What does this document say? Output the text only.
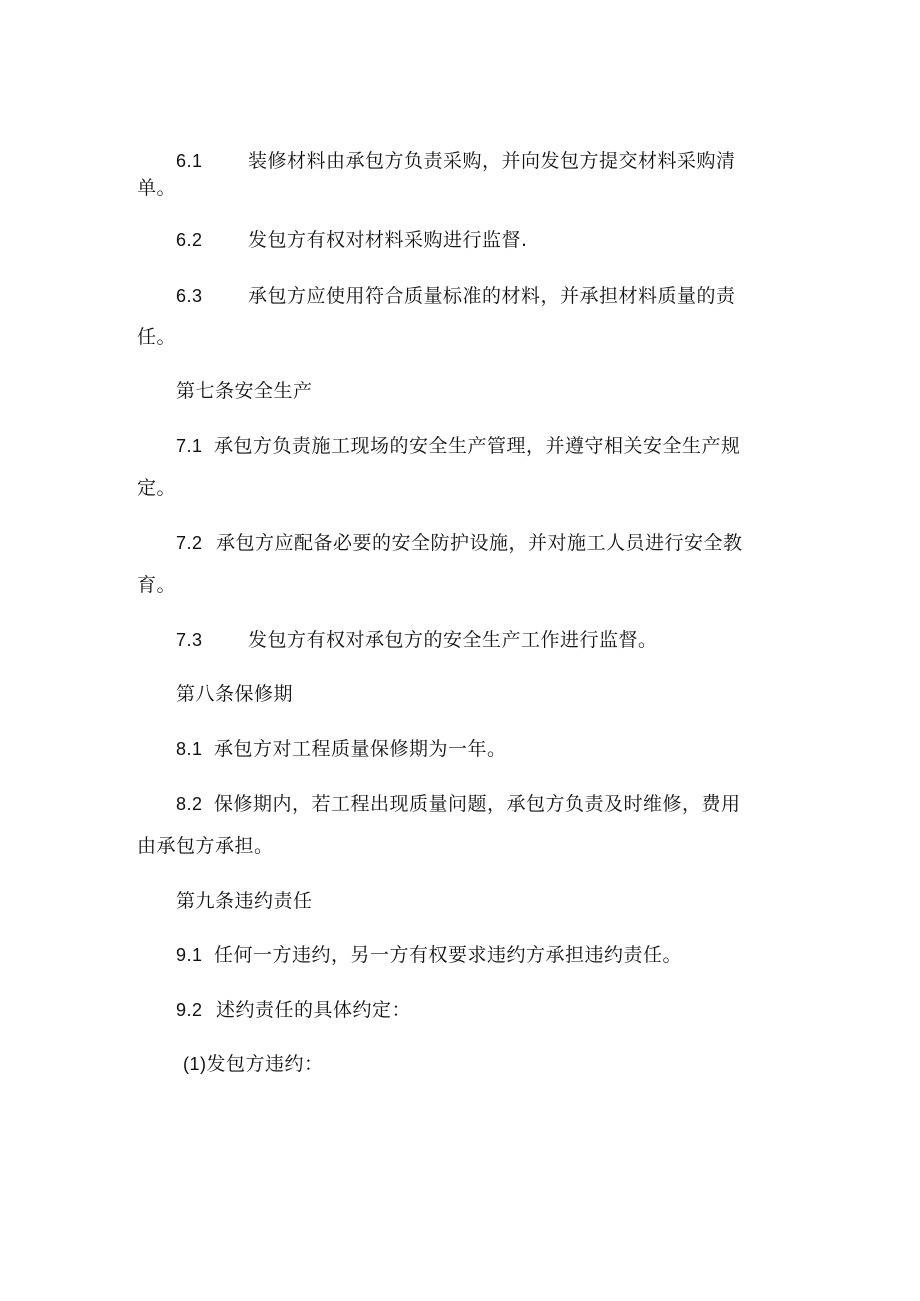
6.1 装修材料由承包方负责采购，并向发包方提交材料采购清
单。
6.2 发包方有权对材料采购进行监督.
6.3 承包方应使用符合质量标准的材料，并承担材料质量的责
任。
第七条安全生产
7.1 承包方负责施工现场的安全生产管理，并遵守相关安全生产规
定。
7.2 承包方应配备必要的安全防护设施，并对施工人员进行安全教
育。
7.3 发包方有权对承包方的安全生产工作进行监督。
第八条保修期
8.1 承包方对工程质量保修期为一年。
8.2 保修期内，若工程出现质量问题，承包方负责及时维修，费用
由承包方承担。
第九条违约责任
9.1 任何一方违约，另一方有权要求违约方承担违约责任。
9.2 述约责任的具体约定：
(1)发包方违约：
